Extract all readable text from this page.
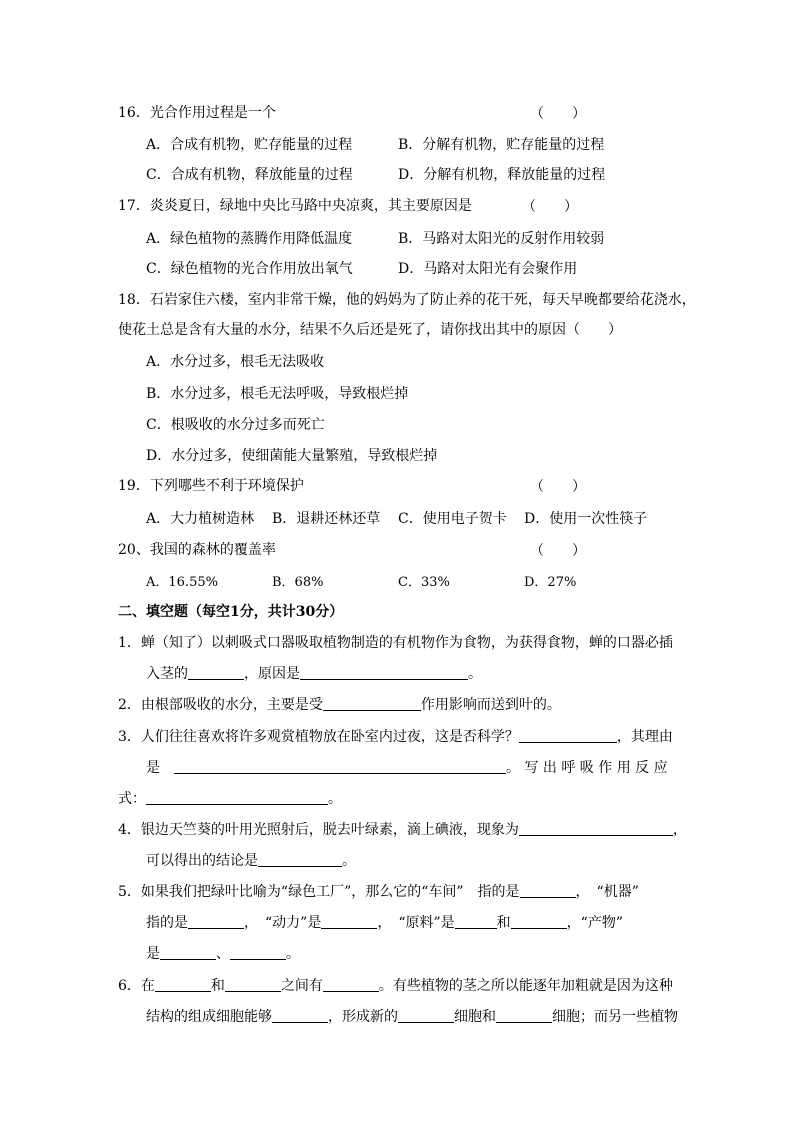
16．光合作用过程是一个	（　　）
A．合成有机物，贮存能量的过程	B．分解有机物，贮存能量的过程
C．合成有机物，释放能量的过程	D．分解有机物，释放能量的过程
17．炎炎夏日，绿地中央比马路中央凉爽，其主要原因是	（　　）
A．绿色植物的蒸腾作用降低温度	B．马路对太阳光的反射作用较弱
C．绿色植物的光合作用放出氧气	D．马路对太阳光有会聚作用
18．石岩家住六楼，室内非常干燥，他的妈妈为了防止养的花干死，每天早晚都要给花浇水，
使花土总是含有大量的水分，结果不久后还是死了，请你找出其中的原因（　　）
A．水分过多，根毛无法吸收
B．水分过多，根毛无法呼吸，导致根烂掉
C．根吸收的水分过多而死亡
D．水分过多，使细菌能大量繁殖，导致根烂掉
19．下列哪些不利于环境保护	（　　）
A．大力植树造林 B．退耕还林还草 C．使用电子贺卡 D．使用一次性筷子
20、我国的森林的覆盖率	（　　）
A．16.55%	B．68%	C．33%	D．27%
二、填空题（每空1分，共计30分）
1．蝉（知了）以刺吸式口器吸取植物制造的有机物作为食物，为获得食物，蝉的口器必插
入茎的	，原因是	。
2．由根部吸收的水分，主要是受	作用影响而送到叶的。
3．人们往往喜欢将许多观赏植物放在卧室内过夜，这是否科学？	，其理由
是	。 写 出 呼 吸 作 用 反 应
式：	。
4．银边天竺葵的叶用光照射后，脱去叶绿素，滴上碘液，现象为	，
可以得出的结论是	。
5．如果我们把绿叶比喻为“绿色工厂”，那么它的“车间”　指的是	，　“机器”
指的是	，　“动力”是	，　“原料”是	和	，“产物”
是	、	。
6．在	和	之间有	。有些植物的茎之所以能逐年加粗就是因为这种
结构的组成细胞能够	，形成新的	细胞和	细胞；而另一些植物
